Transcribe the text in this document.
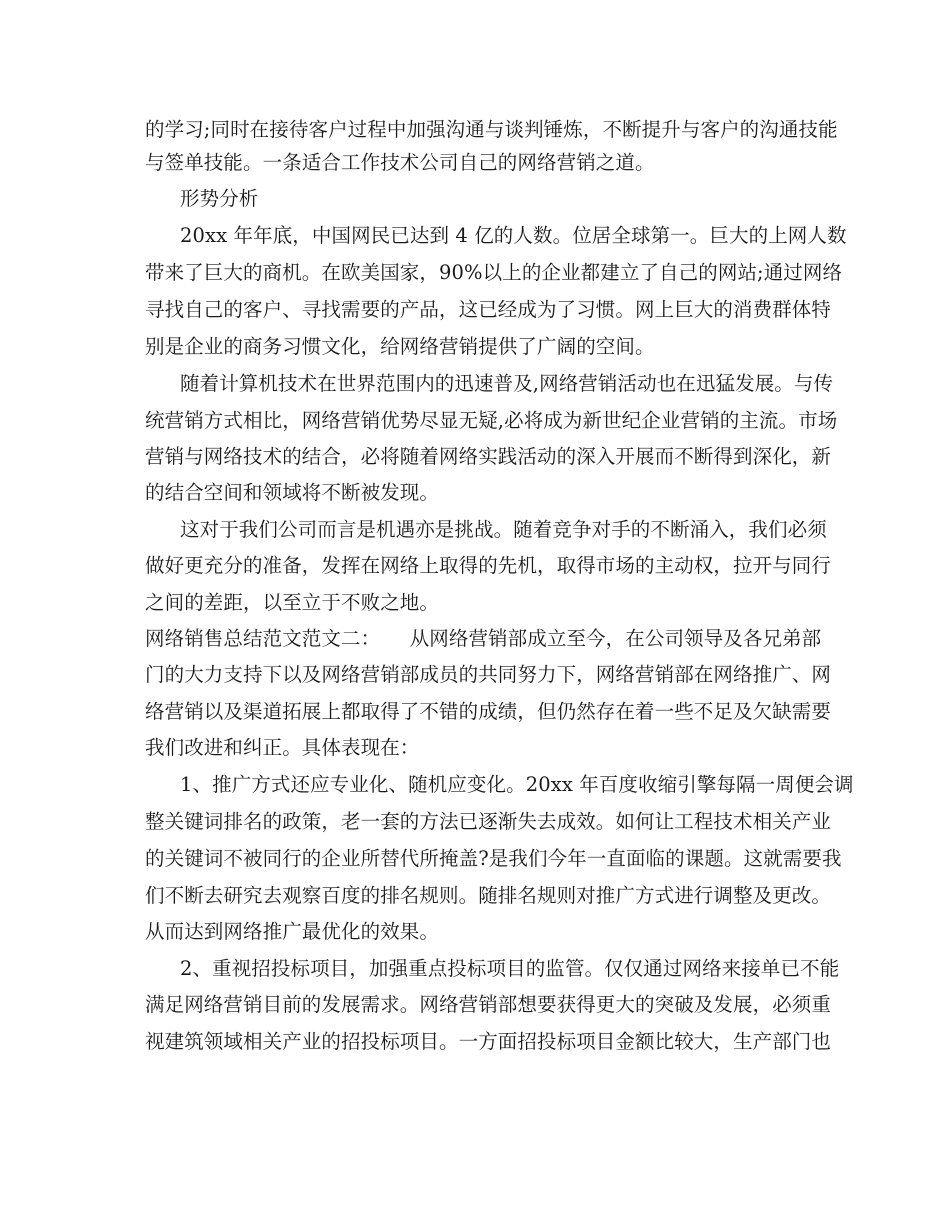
的学习;同时在接待客户过程中加强沟通与谈判锤炼，不断提升与客户的沟通技能
与签单技能。一条适合工作技术公司自己的网络营销之道。
形势分析
20xx 年年底，中国网民已达到 4 亿的人数。位居全球第一。巨大的上网人数
带来了巨大的商机。在欧美国家，90%以上的企业都建立了自己的网站;通过网络
寻找自己的客户、寻找需要的产品，这已经成为了习惯。网上巨大的消费群体特
别是企业的商务习惯文化，给网络营销提供了广阔的空间。
随着计算机技术在世界范围内的迅速普及,网络营销活动也在迅猛发展。与传
统营销方式相比，网络营销优势尽显无疑,必将成为新世纪企业营销的主流。市场
营销与网络技术的结合，必将随着网络实践活动的深入开展而不断得到深化，新
的结合空间和领域将不断被发现。
这对于我们公司而言是机遇亦是挑战。随着竞争对手的不断涌入，我们必须
做好更充分的准备，发挥在网络上取得的先机，取得市场的主动权，拉开与同行
之间的差距，以至立于不败之地。
网络销售总结范文范文二：　　从网络营销部成立至今，在公司领导及各兄弟部
门的大力支持下以及网络营销部成员的共同努力下，网络营销部在网络推广、网
络营销以及渠道拓展上都取得了不错的成绩，但仍然存在着一些不足及欠缺需要
我们改进和纠正。具体表现在：
1、推广方式还应专业化、随机应变化。20xx 年百度收缩引擎每隔一周便会调
整关键词排名的政策，老一套的方法已逐渐失去成效。如何让工程技术相关产业
的关键词不被同行的企业所替代所掩盖?是我们今年一直面临的课题。这就需要我
们不断去研究去观察百度的排名规则。随排名规则对推广方式进行调整及更改。
从而达到网络推广最优化的效果。
2、重视招投标项目，加强重点投标项目的监管。仅仅通过网络来接单已不能
满足网络营销目前的发展需求。网络营销部想要获得更大的突破及发展，必须重
视建筑领域相关产业的招投标项目。一方面招投标项目金额比较大，生产部门也
